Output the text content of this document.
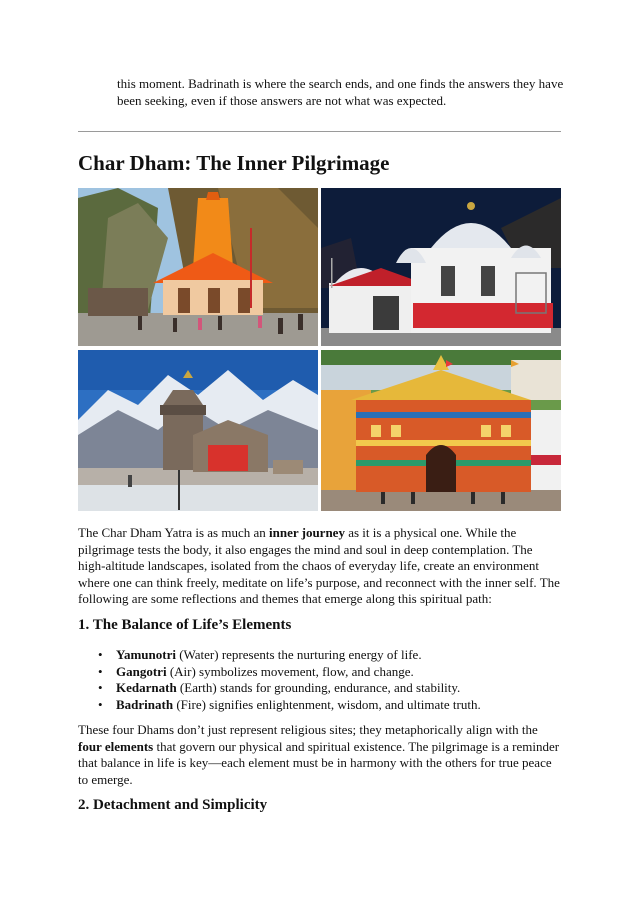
this moment. Badrinath is where the search ends, and one finds the answers they have been seeking, even if those answers are not what was expected.

Char Dham: The Inner Pilgrimage

The Char Dham Yatra is as much an inner journey as it is a physical one. While the pilgrimage tests the body, it also engages the mind and soul in deep contemplation. The high-altitude landscapes, isolated from the chaos of everyday life, create an environment where one can think freely, meditate on life’s purpose, and reconnect with the inner self. The following are some reflections and themes that emerge along this spiritual path:

1. The Balance of Life’s Elements
• Yamunotri (Water) represents the nurturing energy of life.
• Gangotri (Air) symbolizes movement, flow, and change.
• Kedarnath (Earth) stands for grounding, endurance, and stability.
• Badrinath (Fire) signifies enlightenment, wisdom, and ultimate truth.

These four Dhams don’t just represent religious sites; they metaphorically align with the four elements that govern our physical and spiritual existence. The pilgrimage is a reminder that balance in life is key—each element must be in harmony with the others for true peace to emerge.

2. Detachment and Simplicity
